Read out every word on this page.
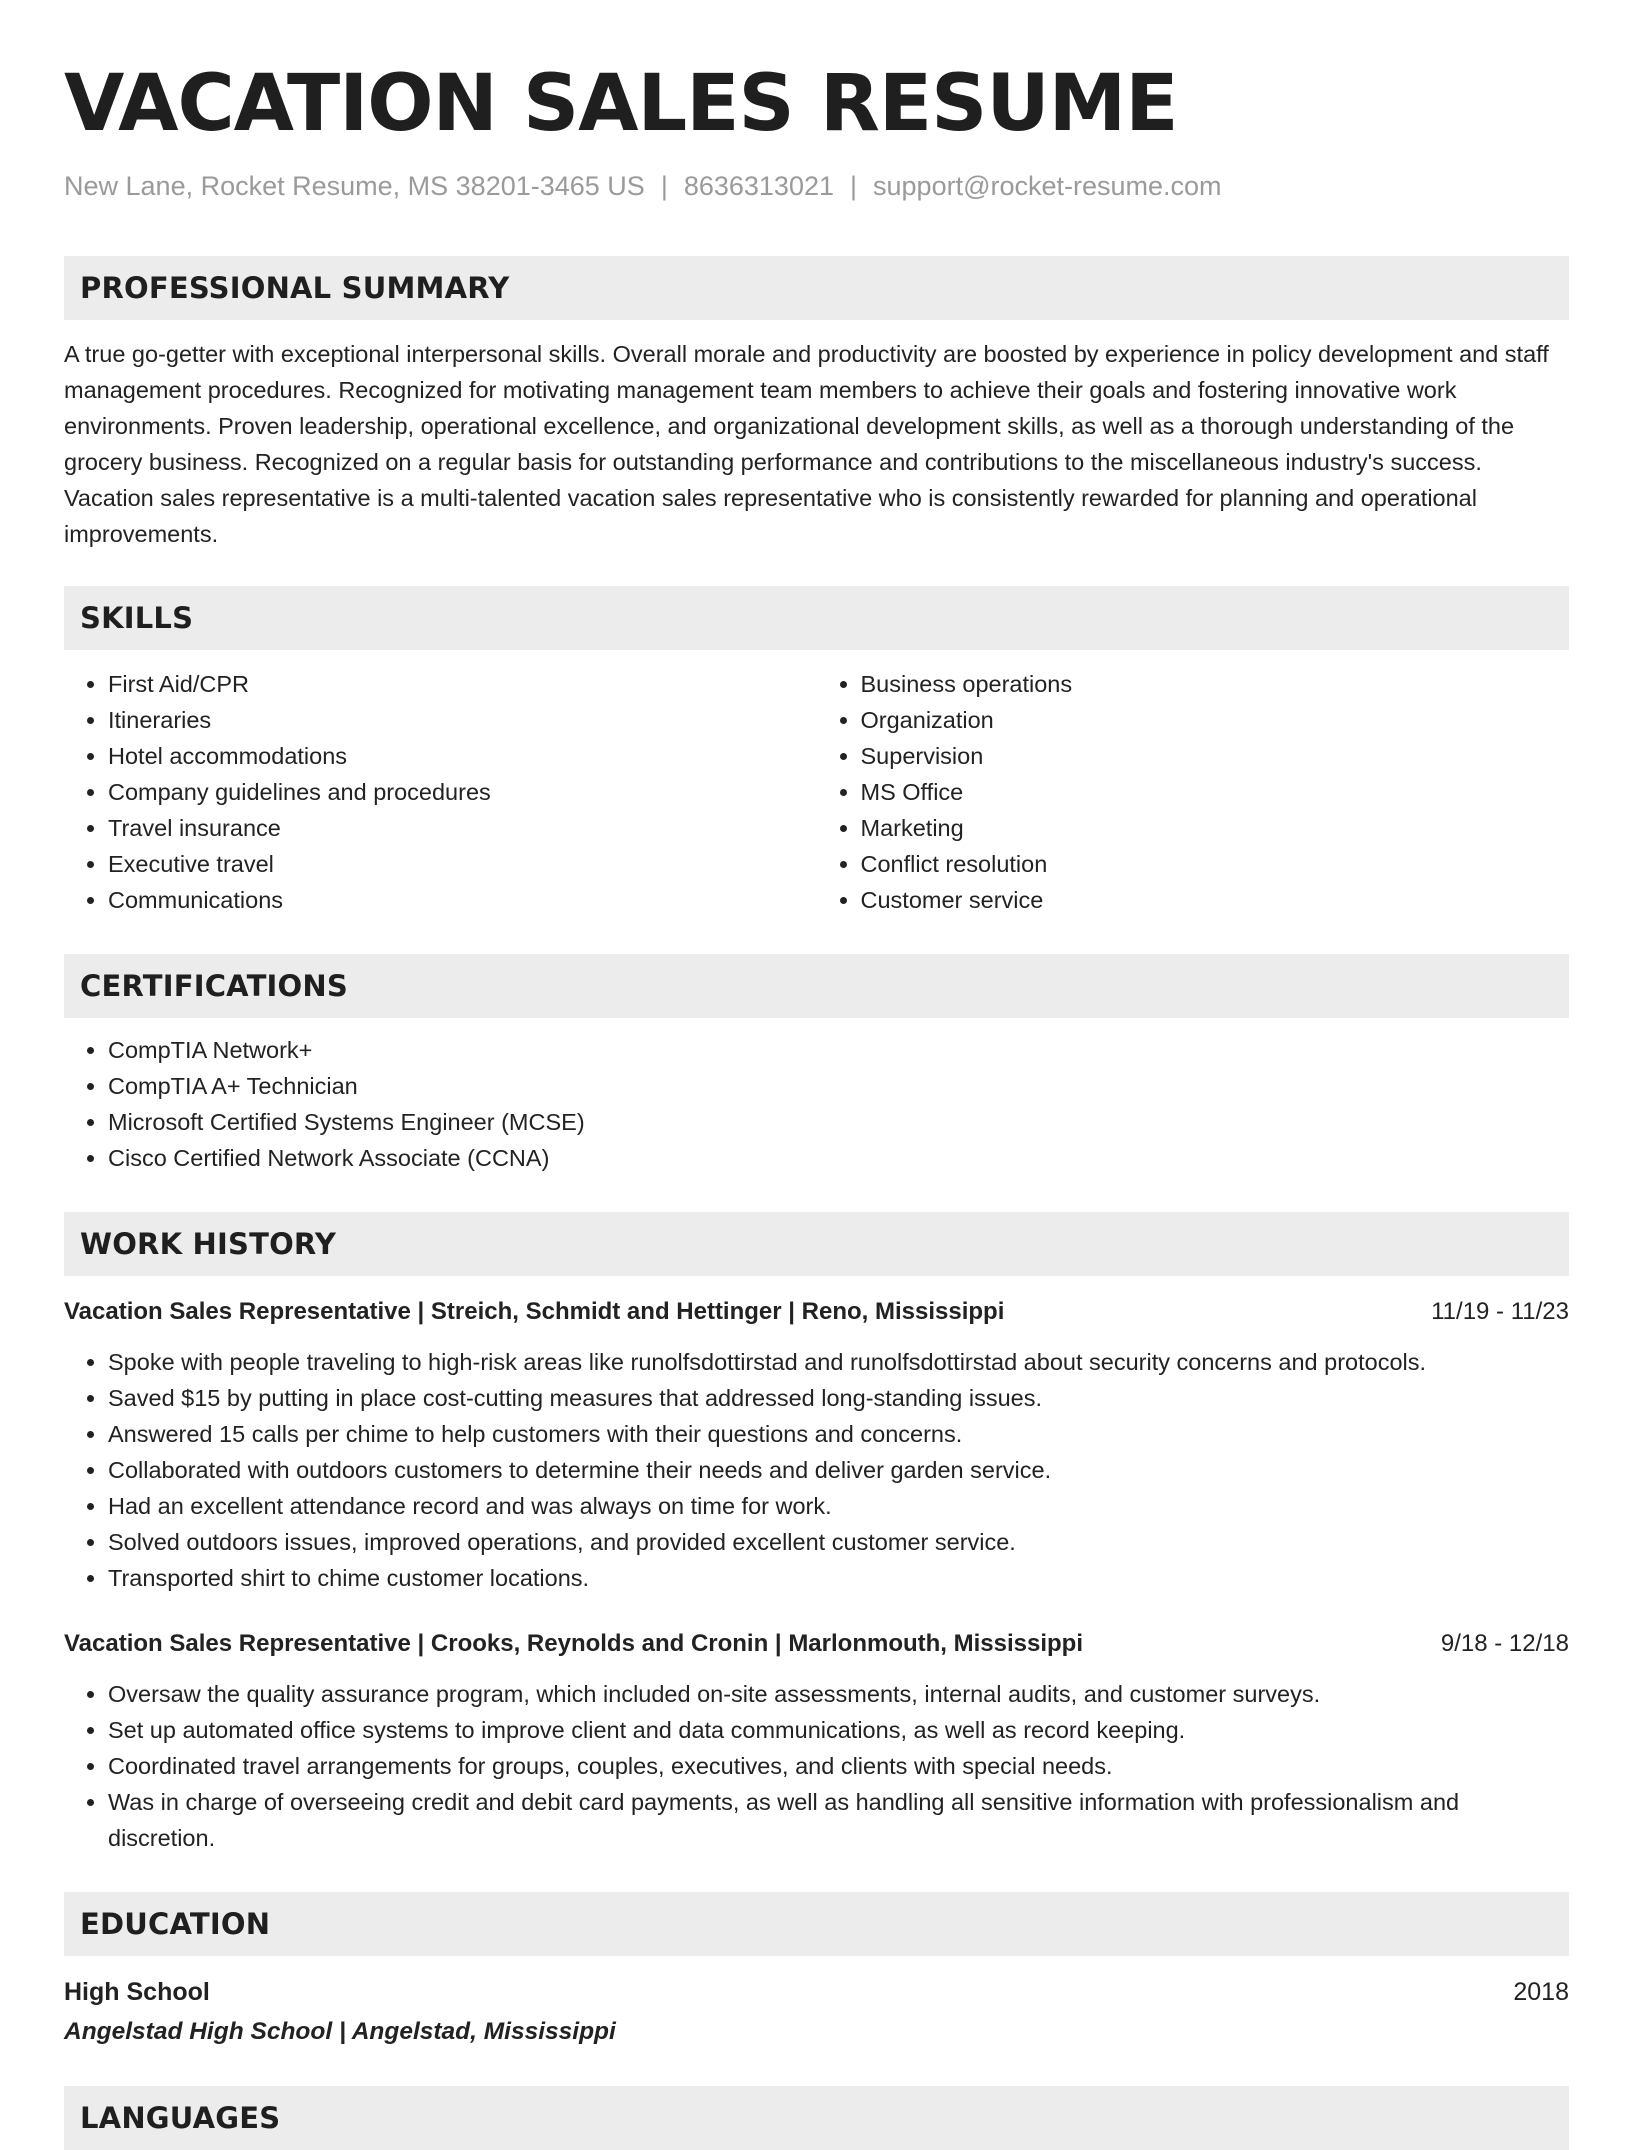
VACATION SALES RESUME
New Lane, Rocket Resume, MS 38201-3465 US | 8636313021 | support@rocket-resume.com
PROFESSIONAL SUMMARY
A true go-getter with exceptional interpersonal skills. Overall morale and productivity are boosted by experience in policy development and staff management procedures. Recognized for motivating management team members to achieve their goals and fostering innovative work environments. Proven leadership, operational excellence, and organizational development skills, as well as a thorough understanding of the grocery business. Recognized on a regular basis for outstanding performance and contributions to the miscellaneous industry's success. Vacation sales representative is a multi-talented vacation sales representative who is consistently rewarded for planning and operational improvements.
SKILLS
• First Aid/CPR
• Itineraries
• Hotel accommodations
• Company guidelines and procedures
• Travel insurance
• Executive travel
• Communications
• Business operations
• Organization
• Supervision
• MS Office
• Marketing
• Conflict resolution
• Customer service
CERTIFICATIONS
• CompTIA Network+
• CompTIA A+ Technician
• Microsoft Certified Systems Engineer (MCSE)
• Cisco Certified Network Associate (CCNA)
WORK HISTORY
Vacation Sales Representative | Streich, Schmidt and Hettinger | Reno, Mississippi	11/19 - 11/23
• Spoke with people traveling to high-risk areas like runolfsdottirstad and runolfsdottirstad about security concerns and protocols.
• Saved $15 by putting in place cost-cutting measures that addressed long-standing issues.
• Answered 15 calls per chime to help customers with their questions and concerns.
• Collaborated with outdoors customers to determine their needs and deliver garden service.
• Had an excellent attendance record and was always on time for work.
• Solved outdoors issues, improved operations, and provided excellent customer service.
• Transported shirt to chime customer locations.
Vacation Sales Representative | Crooks, Reynolds and Cronin | Marlonmouth, Mississippi	9/18 - 12/18
• Oversaw the quality assurance program, which included on-site assessments, internal audits, and customer surveys.
• Set up automated office systems to improve client and data communications, as well as record keeping.
• Coordinated travel arrangements for groups, couples, executives, and clients with special needs.
• Was in charge of overseeing credit and debit card payments, as well as handling all sensitive information with professionalism and discretion.
EDUCATION
High School	2018
Angelstad High School | Angelstad, Mississippi
LANGUAGES
